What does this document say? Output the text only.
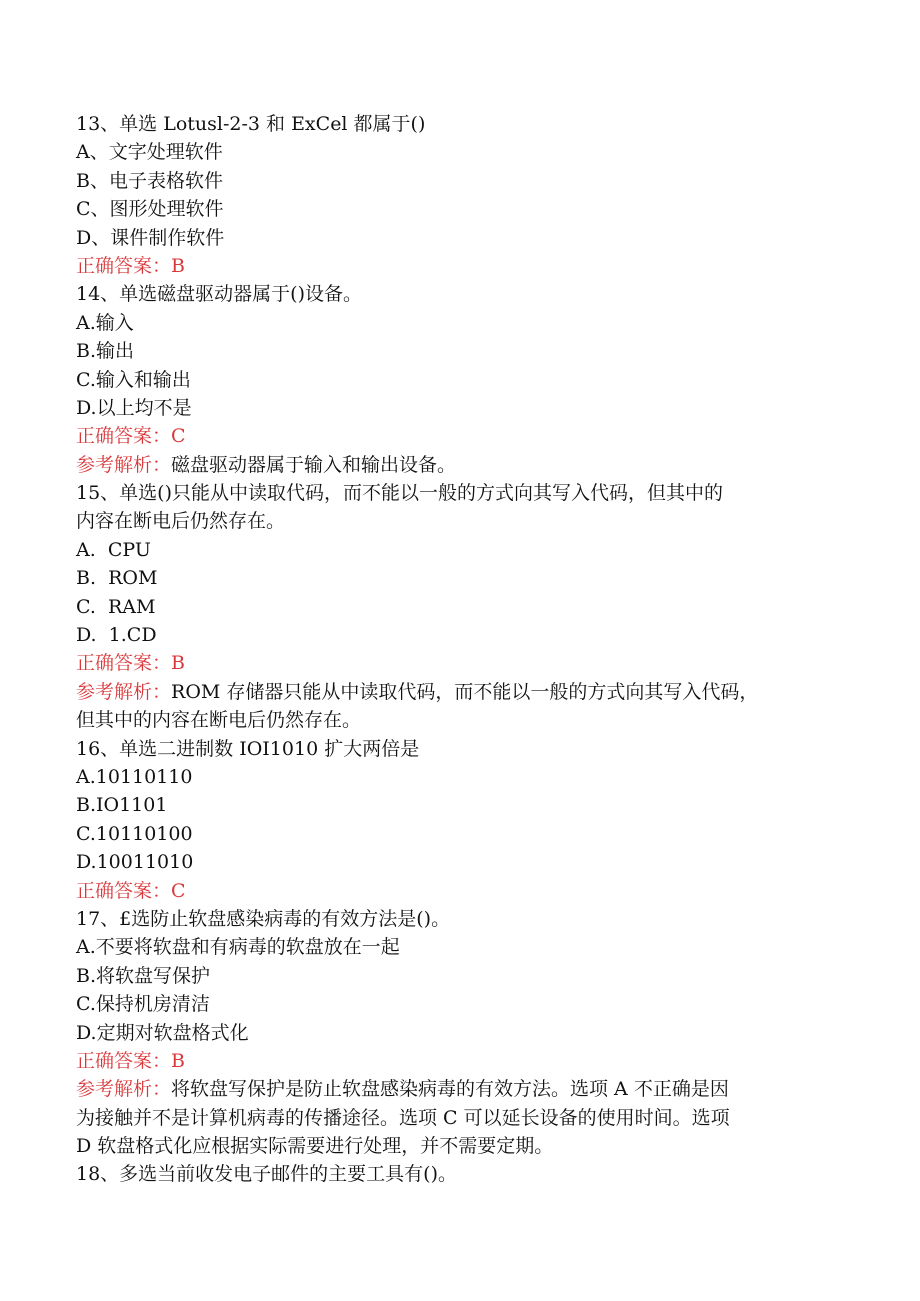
13、单选 Lotusl-2-3 和 ExCel 都属于()
A、文字处理软件
B、电子表格软件
C、图形处理软件
D、课件制作软件
正确答案：B
14、单选磁盘驱动器属于()设备。
A.输入
B.输出
C.输入和输出
D.以上均不是
正确答案：C
参考解析：磁盘驱动器属于输入和输出设备。
15、单选()只能从中读取代码，而不能以一般的方式向其写入代码，但其中的
内容在断电后仍然存在。
A.  CPU
B.  ROM
C.  RAM
D.  1.CD
正确答案：B
参考解析：ROM 存储器只能从中读取代码，而不能以一般的方式向其写入代码，
但其中的内容在断电后仍然存在。
16、单选二进制数 IOI1010 扩大两倍是
A.10110110
B.IO1101
C.10110100
D.10011010
正确答案：C
17、£选防止软盘感染病毒的有效方法是()。
A.不要将软盘和有病毒的软盘放在一起
B.将软盘写保护
C.保持机房清洁
D.定期对软盘格式化
正确答案：B
参考解析：将软盘写保护是防止软盘感染病毒的有效方法。选项 A 不正确是因
为接触并不是计算机病毒的传播途径。选项 C 可以延长设备的使用时间。选项
D 软盘格式化应根据实际需要进行处理，并不需要定期。
18、多选当前收发电子邮件的主要工具有()。
